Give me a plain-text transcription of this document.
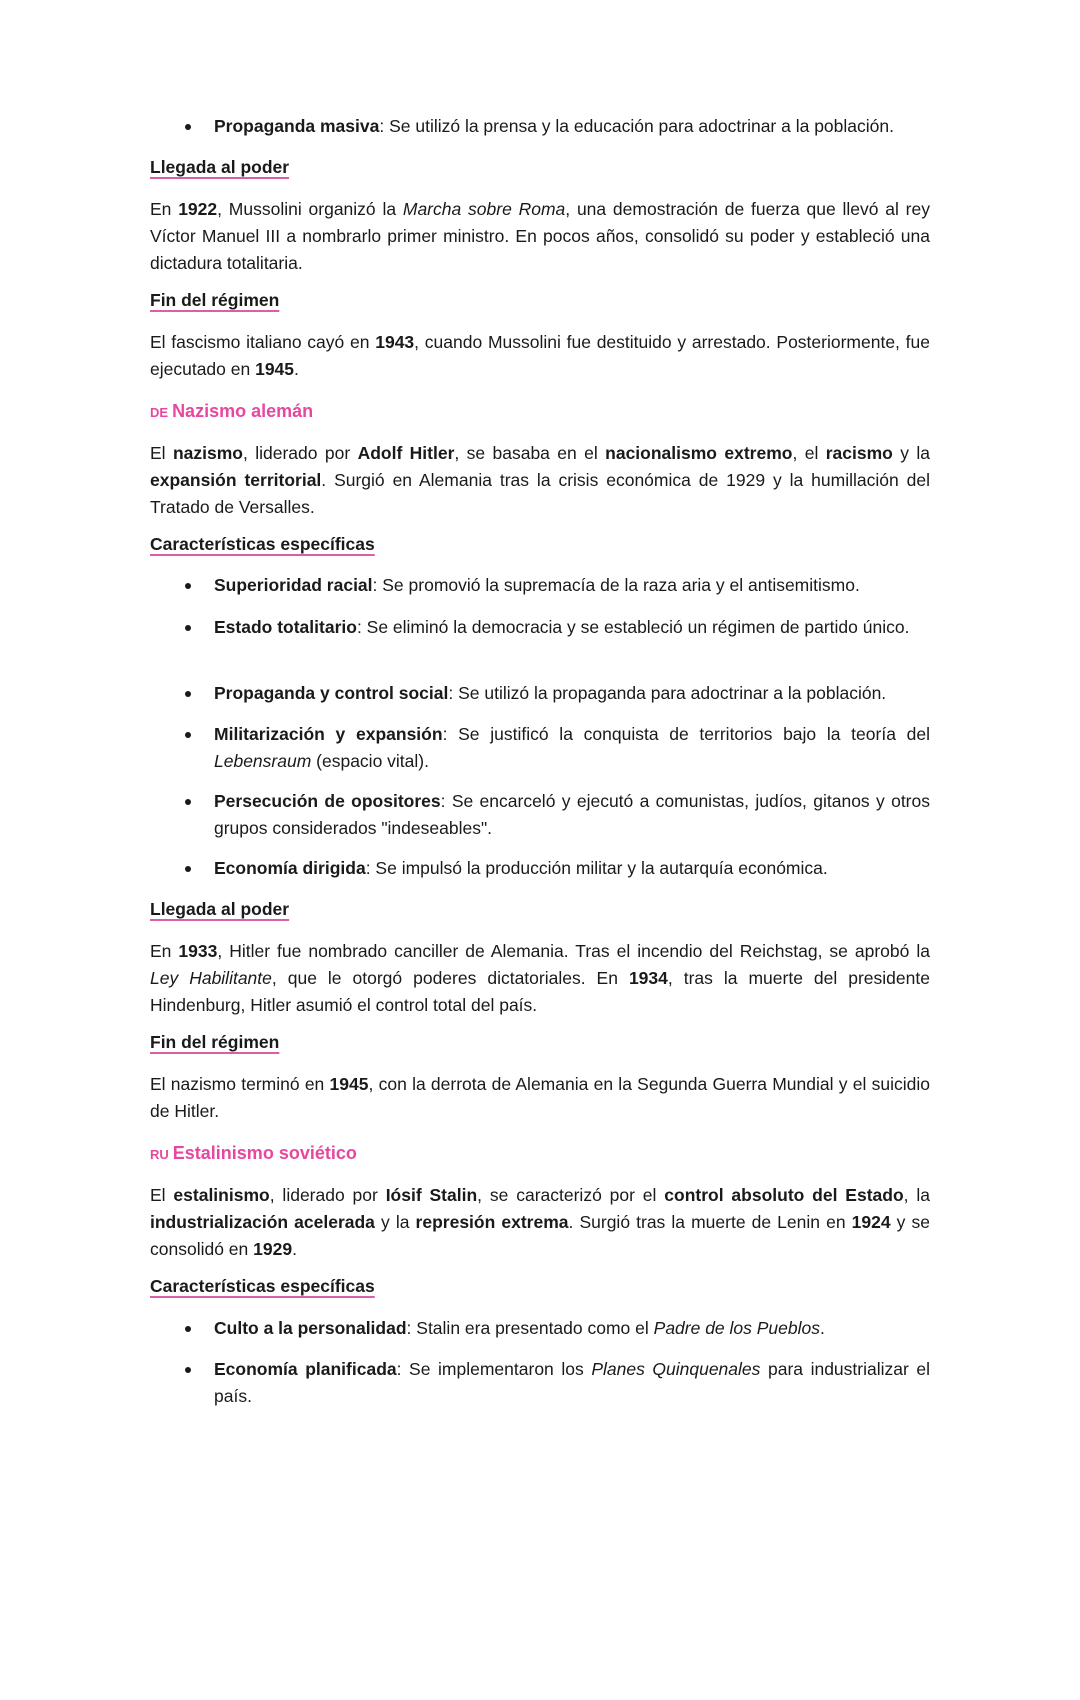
Propaganda masiva: Se utilizó la prensa y la educación para adoctrinar a la población.

Llegada al poder

En 1922, Mussolini organizó la Marcha sobre Roma, una demostración de fuerza que llevó al rey Víctor Manuel III a nombrarlo primer ministro. En pocos años, consolidó su poder y estableció una dictadura totalitaria.

Fin del régimen

El fascismo italiano cayó en 1943, cuando Mussolini fue destituido y arrestado. Posteriormente, fue ejecutado en 1945.

DE Nazismo alemán

El nazismo, liderado por Adolf Hitler, se basaba en el nacionalismo extremo, el racismo y la expansión territorial. Surgió en Alemania tras la crisis económica de 1929 y la humillación del Tratado de Versalles.

Características específicas

Superioridad racial: Se promovió la supremacía de la raza aria y el antisemitismo.
Estado totalitario: Se eliminó la democracia y se estableció un régimen de partido único.
Propaganda y control social: Se utilizó la propaganda para adoctrinar a la población.
Militarización y expansión: Se justificó la conquista de territorios bajo la teoría del Lebensraum (espacio vital).
Persecución de opositores: Se encarceló y ejecutó a comunistas, judíos, gitanos y otros grupos considerados "indeseables".
Economía dirigida: Se impulsó la producción militar y la autarquía económica.

Llegada al poder

En 1933, Hitler fue nombrado canciller de Alemania. Tras el incendio del Reichstag, se aprobó la Ley Habilitante, que le otorgó poderes dictatoriales. En 1934, tras la muerte del presidente Hindenburg, Hitler asumió el control total del país.

Fin del régimen

El nazismo terminó en 1945, con la derrota de Alemania en la Segunda Guerra Mundial y el suicidio de Hitler.

RU Estalinismo soviético

El estalinismo, liderado por Iósif Stalin, se caracterizó por el control absoluto del Estado, la industrialización acelerada y la represión extrema. Surgió tras la muerte de Lenin en 1924 y se consolidó en 1929.

Características específicas

Culto a la personalidad: Stalin era presentado como el Padre de los Pueblos.
Economía planificada: Se implementaron los Planes Quinquenales para industrializar el país.
